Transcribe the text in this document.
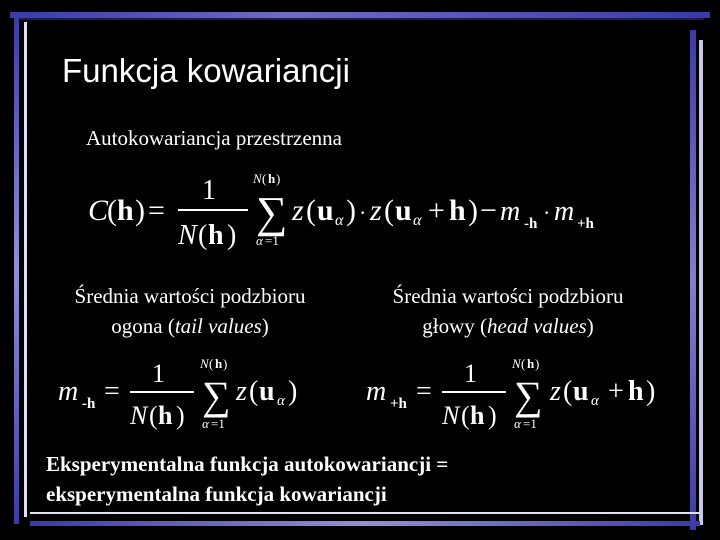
Funkcja kowariancji
Autokowariancja przestrzenna
C
( h ) =
1
N ( h )
N ( h )
∑
α =1
z ( u α ) · z ( u α + h ) − m -h · m +h
Średnia wartości podzbioru
ogona (tail values)
Średnia wartości podzbioru
głowy (head values)
m -h =
1
N ( h )
N ( h )
∑
α =1
z ( u α ) m +h =
1
N ( h )
N ( h )
∑
α =1
z ( u α + h )
Eksperymentalna funkcja autokowariancji =
eksperymentalna funkcja kowariancji
